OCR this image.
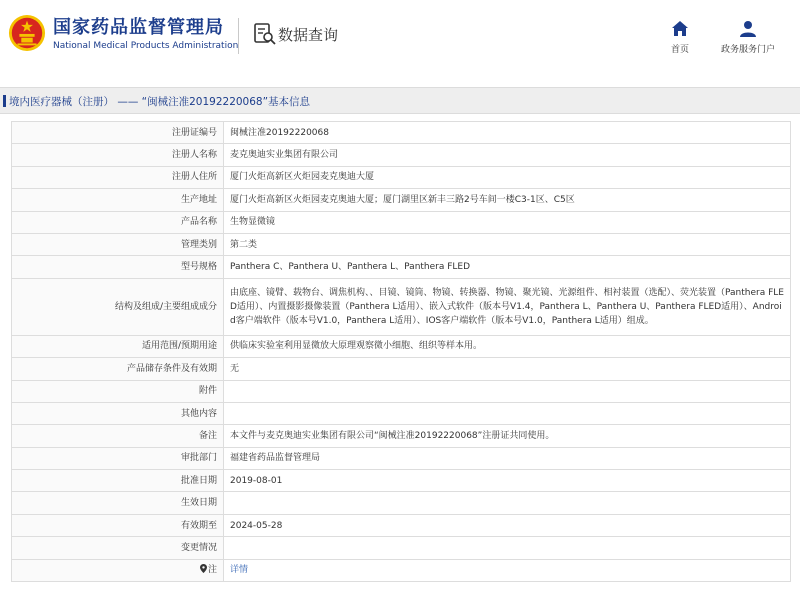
国家药品监督管理局
National Medical Products Administration
数据查询
首页	政务服务门户
境内医疗器械（注册） —— “闽械注准20192220068”基本信息
注册证编号	闽械注准20192220068
注册人名称	麦克奥迪实业集团有限公司
注册人住所	厦门火炬高新区火炬园麦克奥迪大厦
生产地址	厦门火炬高新区火炬园麦克奥迪大厦；厦门湖里区新丰三路2号车间一楼C3-1区、C5区
产品名称	生物显微镜
管理类别	第二类
型号规格	Panthera C、Panthera U、Panthera L、Panthera FLED
结构及组成/主要组成成分	由底座、镜臂、载物台、调焦机构、、目镜、镜筒、物镜、转换器、物镜、聚光镜、光源组件、相衬装置（选配）、荧光装置（Panthera FLED适用）、内置摄影摄像装置（Panthera L适用）、嵌入式软件（版本号V1.4，Panthera L、Panthera U、Panthera FLED适用）、Android客户端软件（版本号V1.0，Panthera L适用）、IOS客户端软件（版本号V1.0，Panthera L适用）组成。
适用范围/预期用途	供临床实验室利用显微放大原理观察微小细胞、组织等样本用。
产品储存条件及有效期	无
附件	
其他内容	
备注	本文件与麦克奥迪实业集团有限公司“闽械注准20192220068”注册证共同使用。
审批部门	福建省药品监督管理局
批准日期	2019-08-01
生效日期	
有效期至	2024-05-28
变更情况	
注	详情
